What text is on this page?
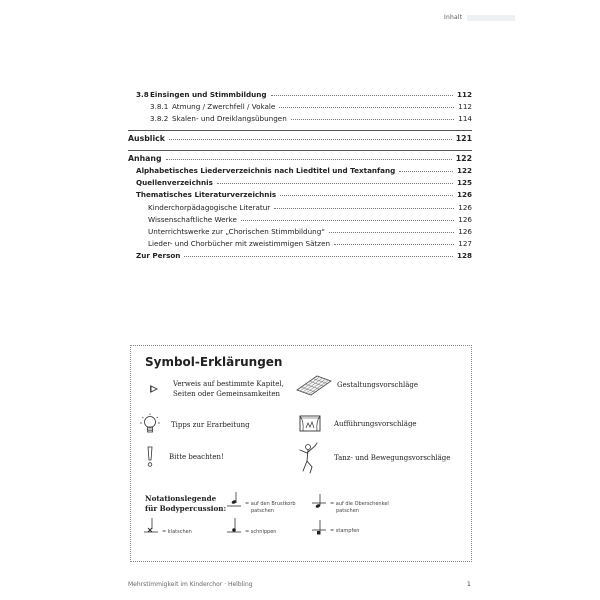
Inhalt
3.8Einsingen und Stimmbildung	112
3.8.1 Atmung / Zwerchfell / Vokale	112
3.8.2 Skalen- und Dreiklangsübungen	114
Ausblick	121
Anhang	122
Alphabetisches Liederverzeichnis nach Liedtitel und Textanfang	122
Quellenverzeichnis	125
Thematisches Literaturverzeichnis	126
Kinderchorpädagogische Literatur	126
Wissenschaftliche Werke	126
Unterrichtswerke zur „Chorischen Stimmbildung“	126
Lieder- und Chorbücher mit zweistimmigen Sätzen	127
Zur Person	128
Symbol-Erklärungen
Verweis auf bestimmte Kapitel,
Seiten oder Gemeinsamkeiten
Gestaltungsvorschläge
Tipps zur Erarbeitung	Aufführungsvorschläge
Bitte beachten!	Tanz- und Bewegungsvorschläge
Notationslegende
für Bodypercussion:	= auf den Brustkorb
patschen
= auf die Oberschenkel
patschen
= klatschen	= schnippen	= stampfen
Mehrstimmigkeit im Kinderchor · Helbling	1
